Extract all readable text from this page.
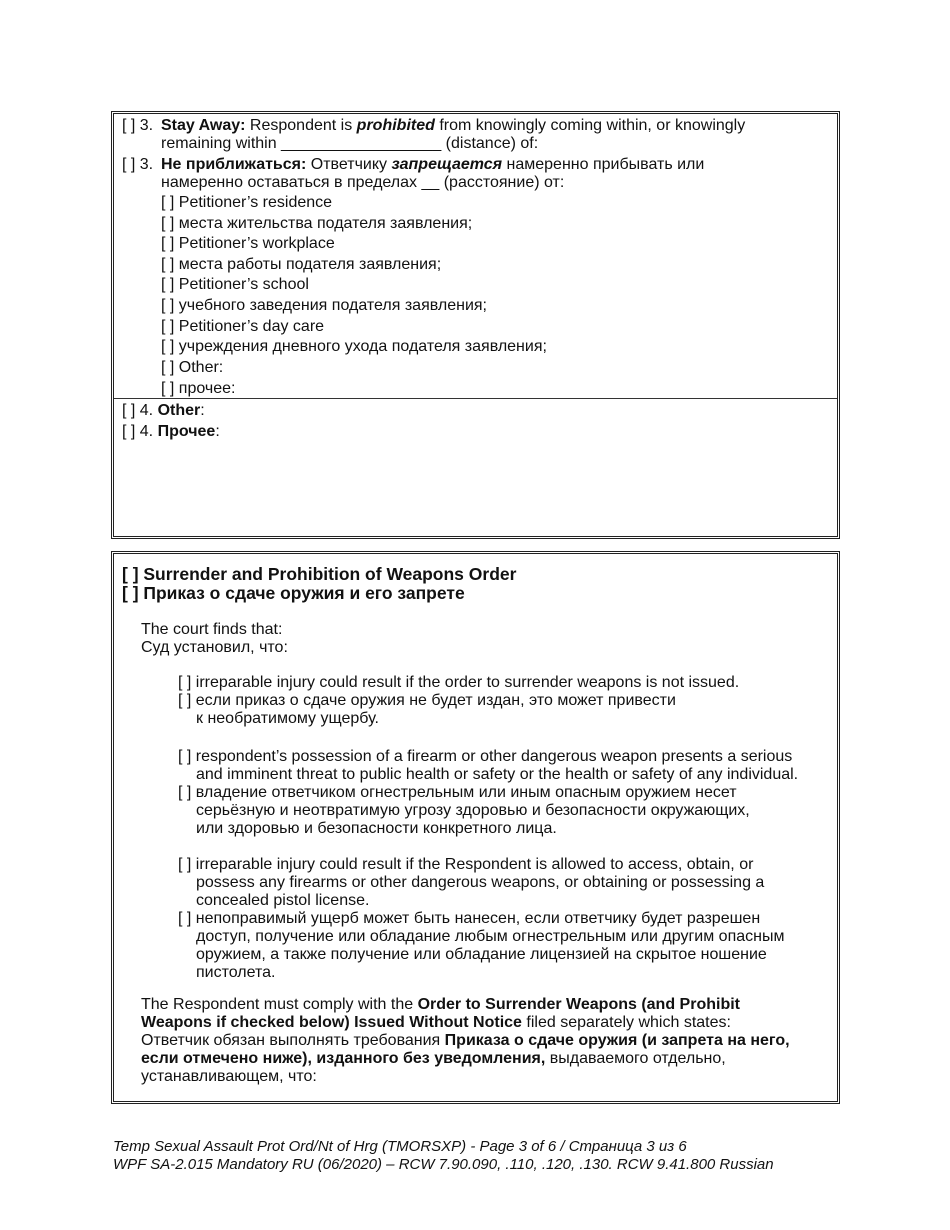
[ ] 3. Stay Away: Respondent is prohibited from knowingly coming within, or knowingly
remaining within __________________ (distance) of:
[ ] 3. Не приближаться: Ответчику запрещается намеренно прибывать или
намеренно оставаться в пределах __ (расстояние) от:
[ ] Petitioner’s residence
[ ] места жительства подателя заявления;
[ ] Petitioner’s workplace
[ ] места работы подателя заявления;
[ ] Petitioner’s school
[ ] учебного заведения подателя заявления;
[ ] Petitioner’s day care
[ ] учреждения дневного ухода подателя заявления;
[ ] Other:
[ ] прочее:
[ ] 4. Other:
[ ] 4. Прочее:
[ ] Surrender and Prohibition of Weapons Order
[ ] Приказ о сдаче оружия и его запрете
The court finds that:
Суд установил, что:
[ ] irreparable injury could result if the order to surrender weapons is not issued.
[ ] если приказ о сдаче оружия не будет издан, это может привести
к необратимому ущербу.
[ ] respondent’s possession of a firearm or other dangerous weapon presents a serious
and imminent threat to public health or safety or the health or safety of any individual.
[ ] владение ответчиком огнестрельным или иным опасным оружием несет
серьёзную и неотвратимую угрозу здоровью и безопасности окружающих,
или здоровью и безопасности конкретного лица.
[ ] irreparable injury could result if the Respondent is allowed to access, obtain, or
possess any firearms or other dangerous weapons, or obtaining or possessing a
concealed pistol license.
[ ] непоправимый ущерб может быть нанесен, если ответчику будет разрешен
доступ, получение или обладание любым огнестрельным или другим опасным
оружием, а также получение или обладание лицензией на скрытое ношение
пистолета.
The Respondent must comply with the Order to Surrender Weapons (and Prohibit
Weapons if checked below) Issued Without Notice filed separately which states:
Ответчик обязан выполнять требования Приказа о сдаче оружия (и запрета на него,
если отмечено ниже), изданного без уведомления, выдаваемого отдельно,
устанавливающем, что:
Temp Sexual Assault Prot Ord/Nt of Hrg (TMORSXP) - Page 3 of 6 / Страница 3 из 6
WPF SA-2.015 Mandatory RU (06/2020) – RCW 7.90.090, .110, .120, .130. RCW 9.41.800 Russian
